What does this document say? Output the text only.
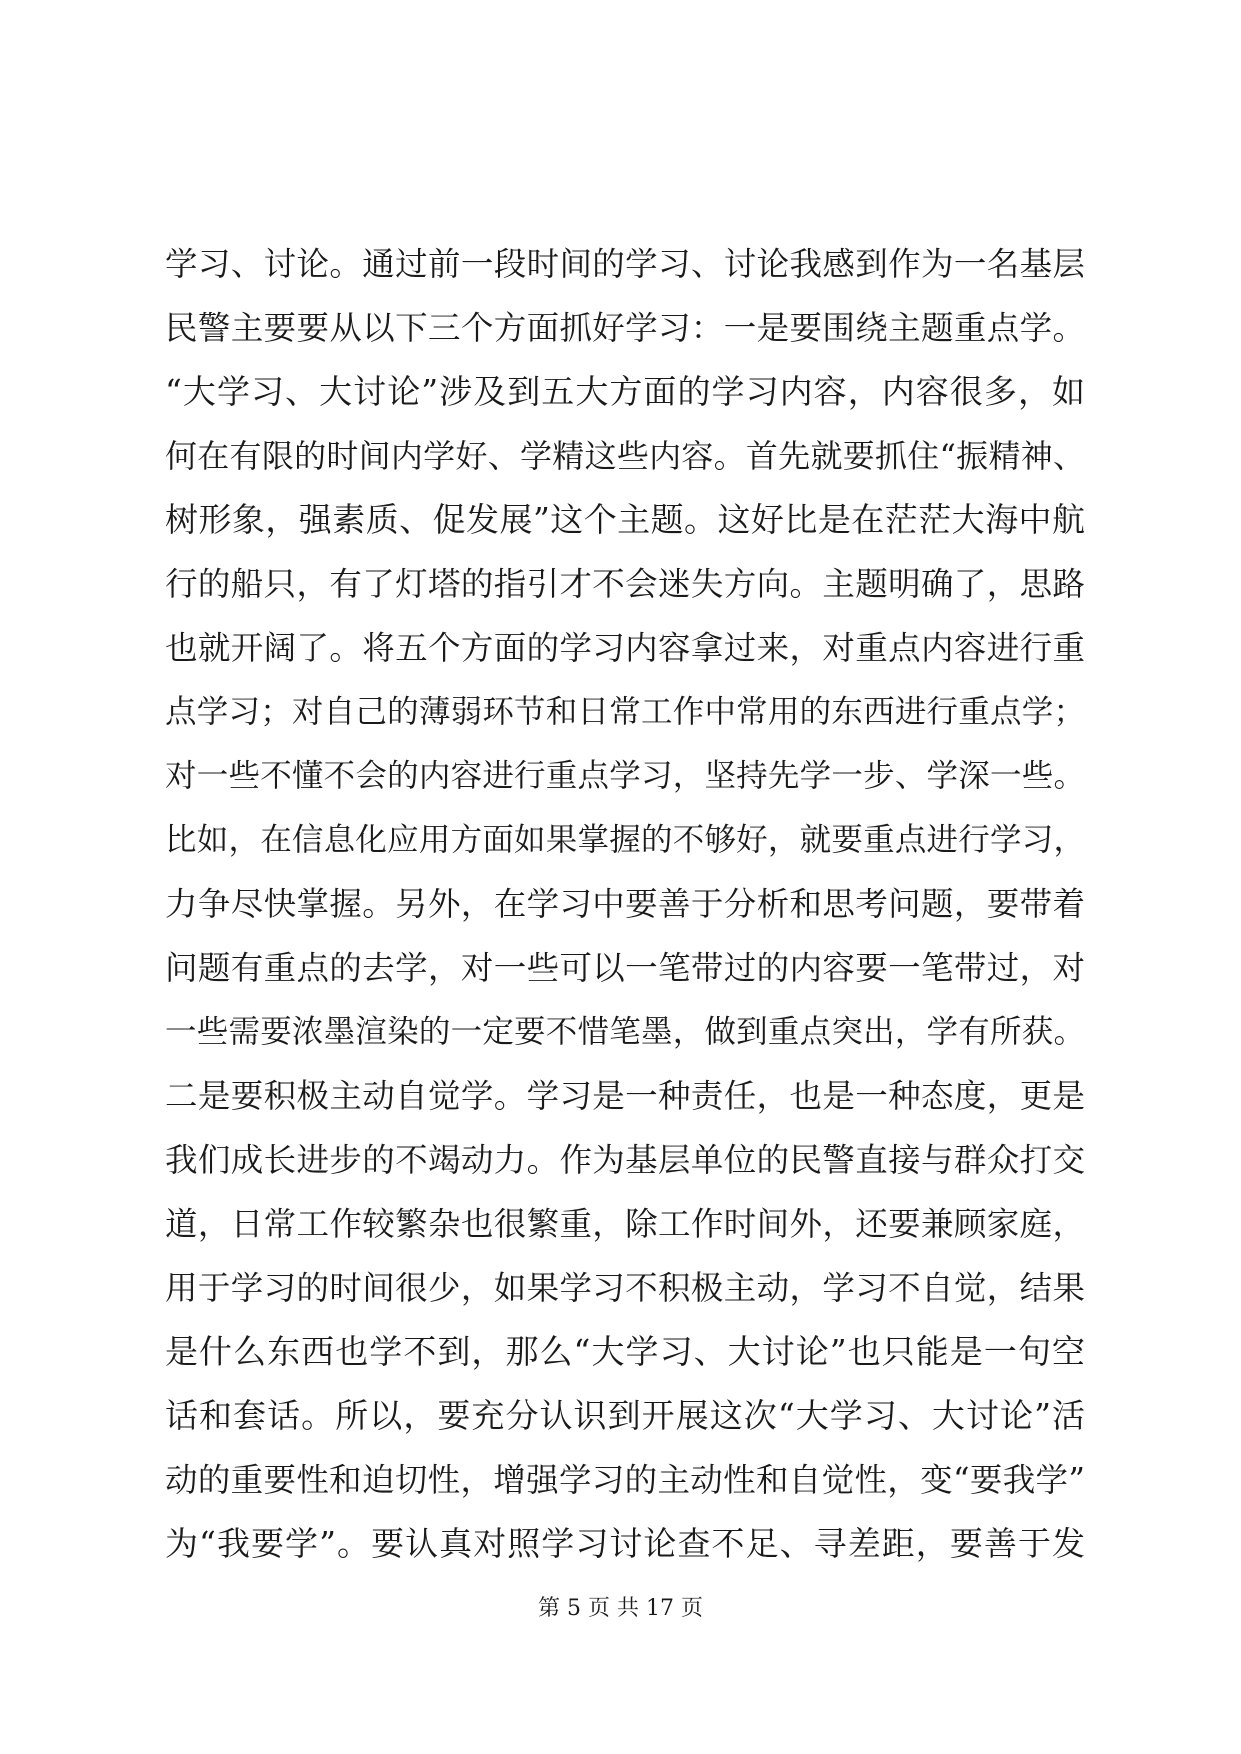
学习、讨论。通过前一段时间的学习、讨论我感到作为一名基层
民警主要要从以下三个方面抓好学习：一是要围绕主题重点学。
“大学习、大讨论”涉及到五大方面的学习内容，内容很多，如
何在有限的时间内学好、学精这些内容。首先就要抓住“振精神、
树形象，强素质、促发展”这个主题。这好比是在茫茫大海中航
行的船只，有了灯塔的指引才不会迷失方向。主题明确了，思路
也就开阔了。将五个方面的学习内容拿过来，对重点内容进行重
点学习；对自己的薄弱环节和日常工作中常用的东西进行重点学；
对一些不懂不会的内容进行重点学习，坚持先学一步、学深一些。
比如，在信息化应用方面如果掌握的不够好，就要重点进行学习，
力争尽快掌握。另外，在学习中要善于分析和思考问题，要带着
问题有重点的去学，对一些可以一笔带过的内容要一笔带过，对
一些需要浓墨渲染的一定要不惜笔墨，做到重点突出，学有所获。
二是要积极主动自觉学。学习是一种责任，也是一种态度，更是
我们成长进步的不竭动力。作为基层单位的民警直接与群众打交
道，日常工作较繁杂也很繁重，除工作时间外，还要兼顾家庭，
用于学习的时间很少，如果学习不积极主动，学习不自觉，结果
是什么东西也学不到，那么“大学习、大讨论”也只能是一句空
话和套话。所以，要充分认识到开展这次“大学习、大讨论”活
动的重要性和迫切性，增强学习的主动性和自觉性，变“要我学”
为“我要学”。要认真对照学习讨论查不足、寻差距，要善于发
第 5 页 共 17 页
